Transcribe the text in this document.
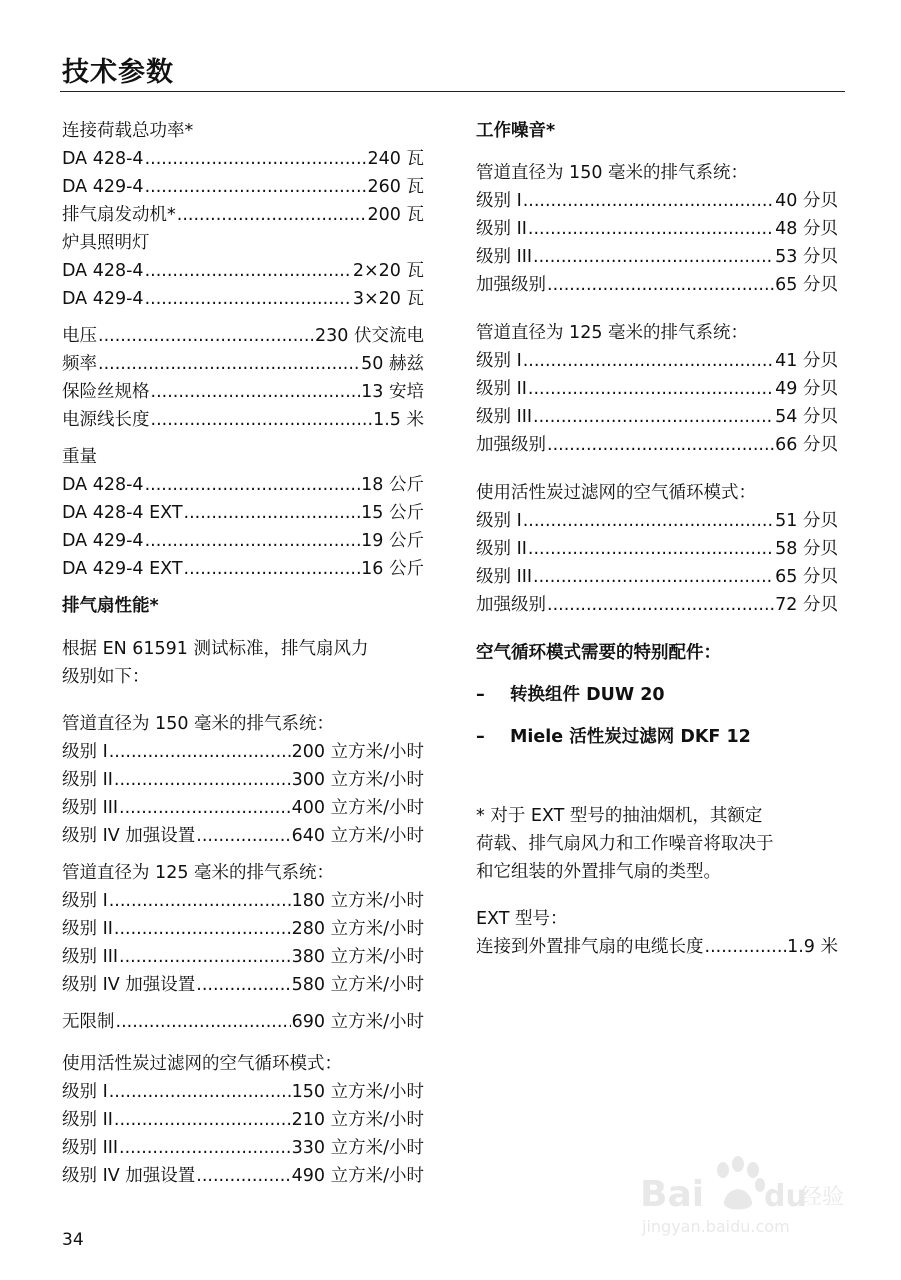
技术参数
连接荷载总功率*
DA 428-4 .....	240 瓦
DA 429-4 .....	260 瓦
排气扇发动机* .....	200 瓦
炉具照明灯
DA 428-4 .....	2×20 瓦
DA 429-4 .....	3×20 瓦
电压 .....	230 伏交流电
频率 .....	50 赫兹
保险丝规格 .....	13 安培
电源线长度 .....	1.5 米
重量
DA 428-4 .....	18 公斤
DA 428-4 EXT .....	15 公斤
DA 429-4 .....	19 公斤
DA 429-4 EXT .....	16 公斤
排气扇性能*
根据 EN 61591 测试标准，排气扇风力
级别如下：
管道直径为 150 毫米的排气系统：
级别 I .....	200 立方米/小时
级别 II .....	300 立方米/小时
级别 III .....	400 立方米/小时
级别 IV 加强设置 .....	640 立方米/小时
管道直径为 125 毫米的排气系统：
级别 I .....	180 立方米/小时
级别 II .....	280 立方米/小时
级别 III .....	380 立方米/小时
级别 IV 加强设置 .....	580 立方米/小时
无限制 .....	690 立方米/小时
使用活性炭过滤网的空气循环模式：
级别 I .....	150 立方米/小时
级别 II .....	210 立方米/小时
级别 III .....	330 立方米/小时
级别 IV 加强设置 .....	490 立方米/小时
工作噪音*
管道直径为 150 毫米的排气系统：
级别 I .....	40 分贝
级别 II .....	48 分贝
级别 III .....	53 分贝
加强级别 .....	65 分贝
管道直径为 125 毫米的排气系统：
级别 I .....	41 分贝
级别 II .....	49 分贝
级别 III .....	54 分贝
加强级别 .....	66 分贝
使用活性炭过滤网的空气循环模式：
级别 I .....	51 分贝
级别 II .....	58 分贝
级别 III .....	65 分贝
加强级别 .....	72 分贝
空气循环模式需要的特别配件：
–	转换组件 DUW 20
–	Miele 活性炭过滤网 DKF 12
* 对于 EXT 型号的抽油烟机，其额定
荷载、排气扇风力和工作噪音将取决于
和它组装的外置排气扇的类型。
EXT 型号：
连接到外置排气扇的电缆长度 .....	1.9 米
34
Bai du
经验
jingyan.baidu.com
